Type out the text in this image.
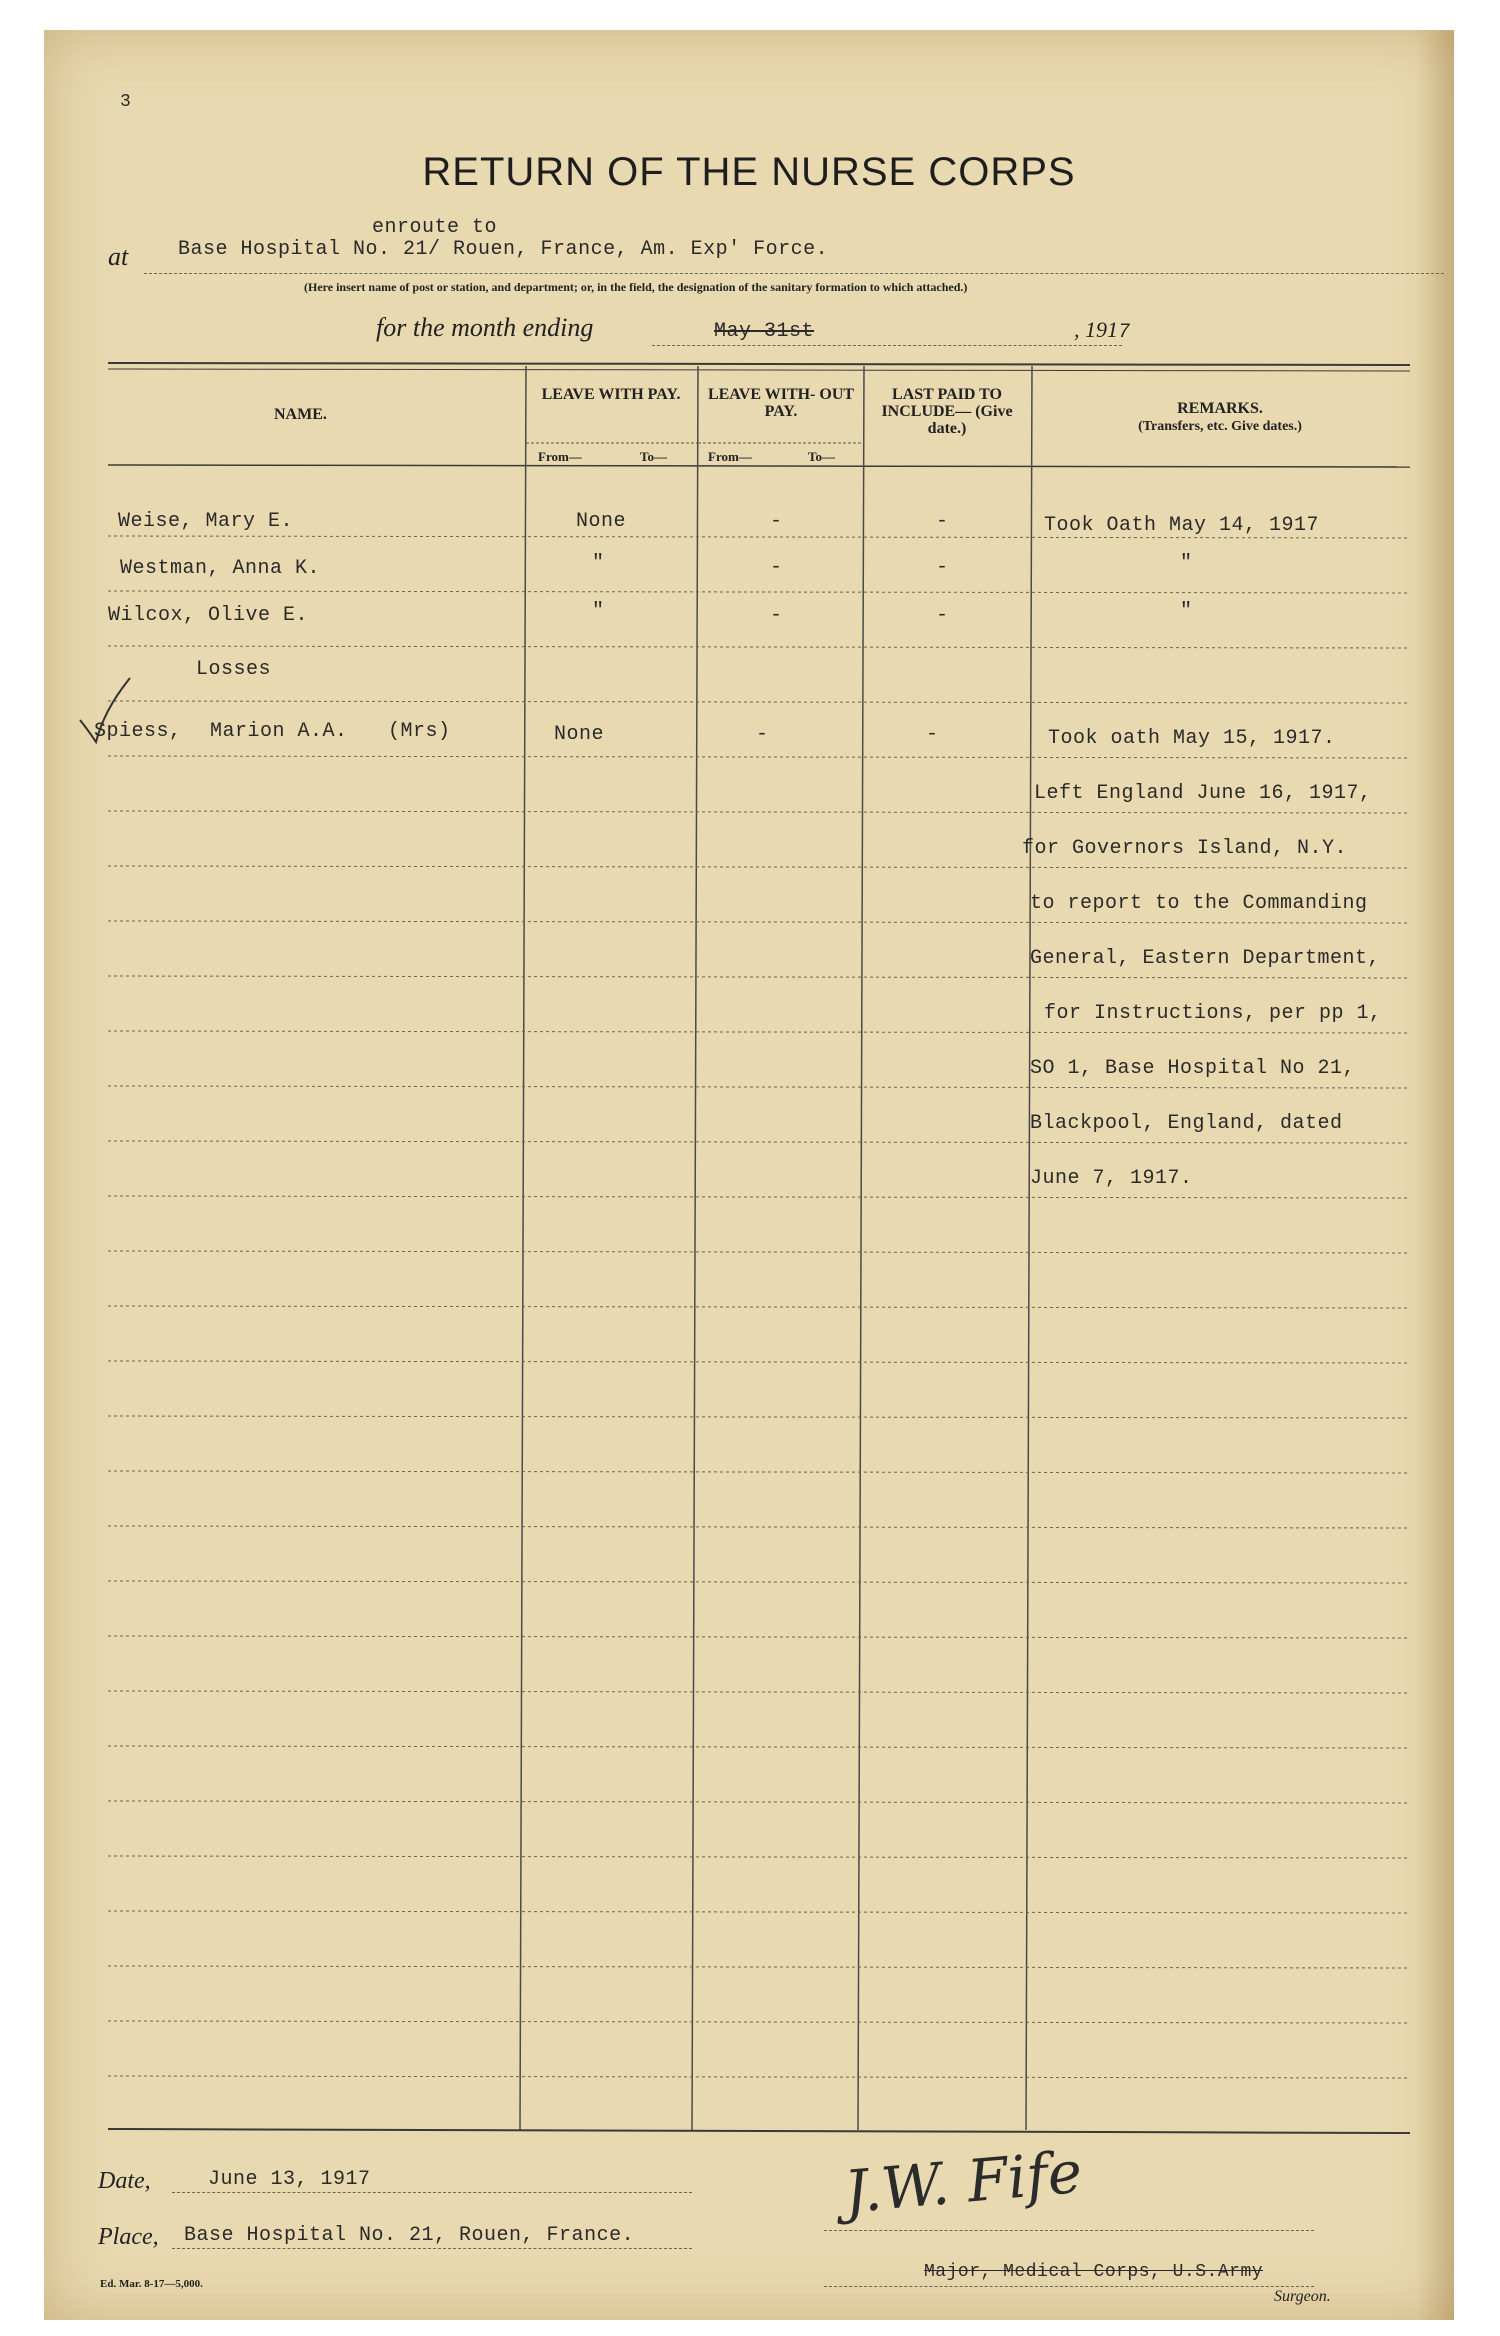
3
RETURN OF THE NURSE CORPS
enroute to
at Base Hospital No. 21/ Rouen, France, Am. Exp' Force.
(Here insert name of post or station, and department; or, in the field, the designation of the sanitary formation to which attached.)
for the month ending	May 31st	, 1917
NAME.
LEAVE WITH PAY.	LEAVE WITH- OUT PAY.
LAST PAID TO INCLUDE— (Give date.)
REMARKS.
(Transfers, etc. Give dates.)
From—	To—	From—	To—
Weise, Mary E.	None	-	-	Took Oath May 14, 1917
Westman, Anna K.	"	-	-	"
Wilcox, Olive E.	"	-	-	"
Losses
Spiess, Marion A.A. (Mrs)	None	-	-	Took oath May 15, 1917.
Left England June 16, 1917,
for Governors Island, N.Y.
to report to the Commanding
General, Eastern Department,
for Instructions, per pp 1,
SO 1, Base Hospital No 21,
Blackpool, England, dated
June 7, 1917.
Date,	June 13, 1917
Place, Base Hospital No. 21, Rouen, France.
Ed. Mar. 8-17—5,000.
J.W. Fife
Major, Medical Corps, U.S.Army
Surgeon.
